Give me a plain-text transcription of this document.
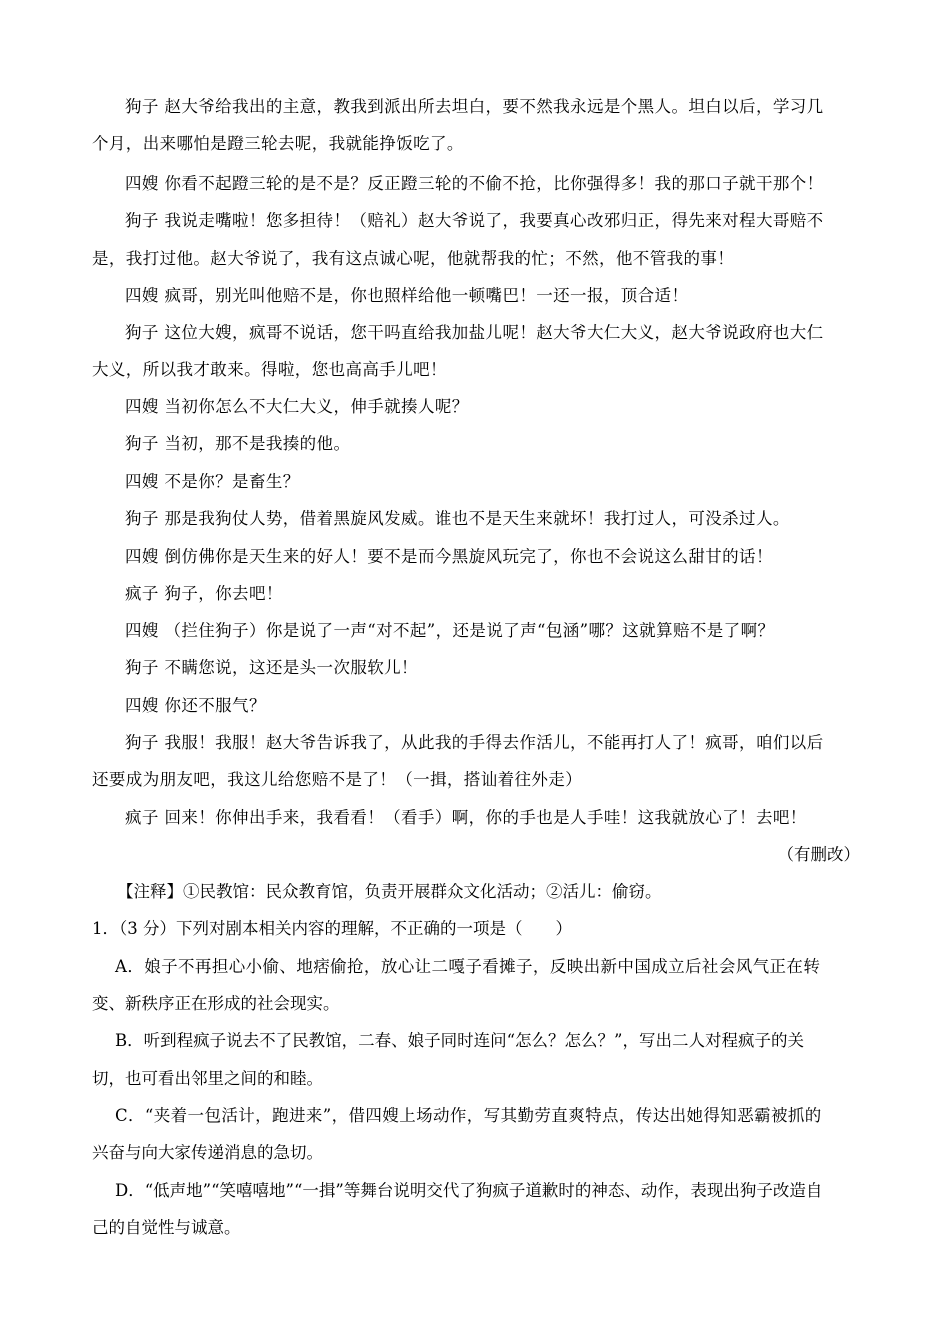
狗子 赵大爷给我出的主意，教我到派出所去坦白，要不然我永远是个黑人。坦白以后，学习几
个月，出来哪怕是蹬三轮去呢，我就能挣饭吃了。
四嫂 你看不起蹬三轮的是不是？反正蹬三轮的不偷不抢，比你强得多！我的那口子就干那个！
狗子 我说走嘴啦！您多担待！（赔礼）赵大爷说了，我要真心改邪归正，得先来对程大哥赔不
是，我打过他。赵大爷说了，我有这点诚心呢，他就帮我的忙；不然，他不管我的事！
四嫂 疯哥，别光叫他赔不是，你也照样给他一顿嘴巴！一还一报，顶合适！
狗子 这位大嫂，疯哥不说话，您干吗直给我加盐儿呢！赵大爷大仁大义，赵大爷说政府也大仁
大义，所以我才敢来。得啦，您也高高手儿吧！
四嫂 当初你怎么不大仁大义，伸手就揍人呢？
狗子 当初，那不是我揍的他。
四嫂 不是你？是畜生？
狗子 那是我狗仗人势，借着黑旋风发威。谁也不是天生来就坏！我打过人，可没杀过人。
四嫂 倒仿佛你是天生来的好人！要不是而今黑旋风玩完了，你也不会说这么甜甘的话！
疯子 狗子，你去吧！
四嫂 （拦住狗子）你是说了一声“对不起”，还是说了声“包涵”哪？这就算赔不是了啊？
狗子 不瞒您说，这还是头一次服软儿！
四嫂 你还不服气？
狗子 我服！我服！赵大爷告诉我了，从此我的手得去作活儿，不能再打人了！疯哥，咱们以后
还要成为朋友吧，我这儿给您赔不是了！（一揖，搭讪着往外走）
疯子 回来！你伸出手来，我看看！（看手）啊，你的手也是人手哇！这我就放心了！去吧！
（有删改）
【注释】①民教馆：民众教育馆，负责开展群众文化活动；②活儿：偷窃。
1．（3 分）下列对剧本相关内容的理解，不正确的一项是（　　）
A．娘子不再担心小偷、地痞偷抢，放心让二嘎子看摊子，反映出新中国成立后社会风气正在转
变、新秩序正在形成的社会现实。
B．听到程疯子说去不了民教馆，二春、娘子同时连问“怎么？怎么？”，写出二人对程疯子的关
切，也可看出邻里之间的和睦。
C．“夹着一包活计，跑进来”，借四嫂上场动作，写其勤劳直爽特点，传达出她得知恶霸被抓的
兴奋与向大家传递消息的急切。
D．“低声地”“笑嘻嘻地”“一揖”等舞台说明交代了狗疯子道歉时的神态、动作，表现出狗子改造自
己的自觉性与诚意。
